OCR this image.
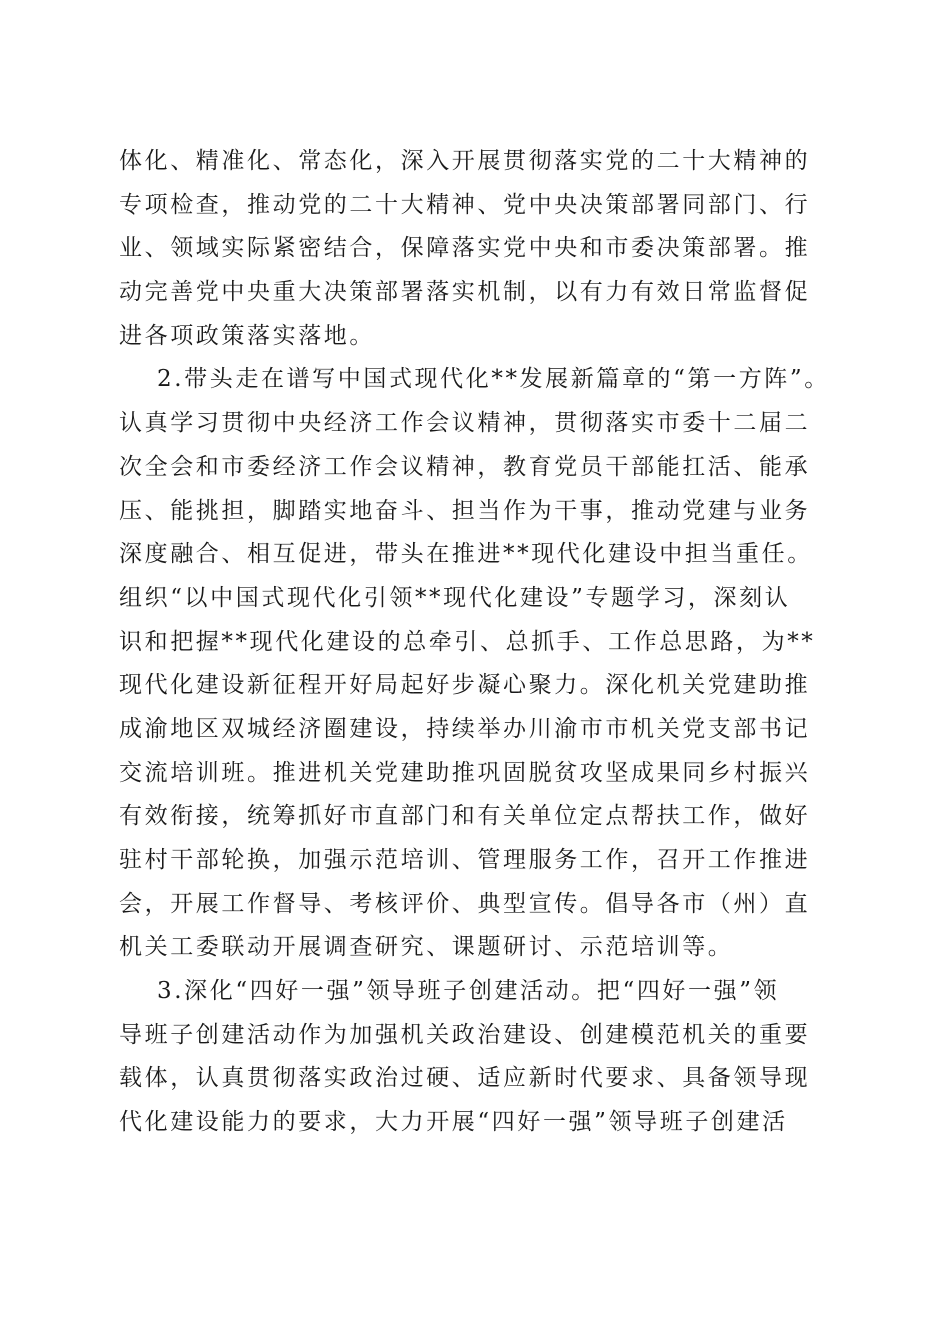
体化、精准化、常态化，深入开展贯彻落实党的二十大精神的
专项检查，推动党的二十大精神、党中央决策部署同部门、行
业、领域实际紧密结合，保障落实党中央和市委决策部署。推
动完善党中央重大决策部署落实机制，以有力有效日常监督促
进各项政策落实落地。
2.带头走在谱写中国式现代化**发展新篇章的“第一方阵”。
认真学习贯彻中央经济工作会议精神，贯彻落实市委十二届二
次全会和市委经济工作会议精神，教育党员干部能扛活、能承
压、能挑担，脚踏实地奋斗、担当作为干事，推动党建与业务
深度融合、相互促进，带头在推进**现代化建设中担当重任。
组织“以中国式现代化引领**现代化建设”专题学习，深刻认
识和把握**现代化建设的总牵引、总抓手、工作总思路，为**
现代化建设新征程开好局起好步凝心聚力。深化机关党建助推
成渝地区双城经济圈建设，持续举办川渝市市机关党支部书记
交流培训班。推进机关党建助推巩固脱贫攻坚成果同乡村振兴
有效衔接，统筹抓好市直部门和有关单位定点帮扶工作，做好
驻村干部轮换，加强示范培训、管理服务工作，召开工作推进
会，开展工作督导、考核评价、典型宣传。倡导各市（州）直
机关工委联动开展调查研究、课题研讨、示范培训等。
3.深化“四好一强”领导班子创建活动。把“四好一强”领
导班子创建活动作为加强机关政治建设、创建模范机关的重要
载体，认真贯彻落实政治过硬、适应新时代要求、具备领导现
代化建设能力的要求，大力开展“四好一强”领导班子创建活
